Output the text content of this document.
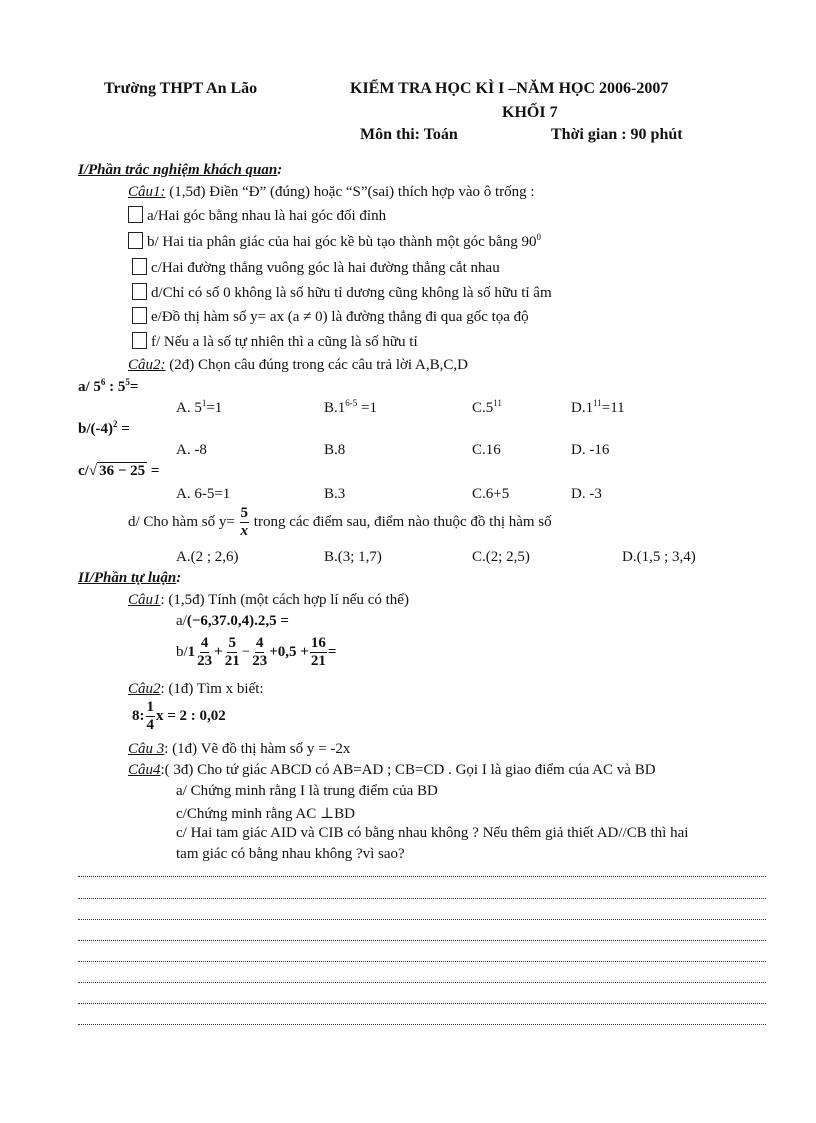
Trường THPT An Lão	KIỂM TRA HỌC KÌ I –NĂM HỌC 2006-2007
KHỐI 7
Môn thi: Toán	Thời gian : 90 phút
I/Phần trắc nghiệm khách quan:
Câu1: (1,5đ) Điền “Đ” (đúng) hoặc “S”(sai) thích hợp vào ô trống :
a/Hai góc bằng nhau là hai góc đối đỉnh
b/ Hai tia phân giác của hai góc kề bù tạo thành một góc bằng $90^0$
c/Hai đường thẳng vuông góc là hai đường thẳng cắt nhau
d/Chỉ có số 0 không là số hữu tỉ dương cũng không là số hữu tỉ âm
e/Đồ thị hàm số y= ax (a ≠ 0) là đường thẳng đi qua gốc tọa độ
f/ Nếu a là số tự nhiên thì a cũng là số hữu tỉ
Câu2: (2đ) Chọn câu đúng trong các câu trả lời A,B,C,D
a/ $5^6$ : $5^5=$
A. $5^1=1$	$B.1^{6-5} =1$	$C.5^{11}$	$D.1^{11}=11$
$b/(-4)^2$ =
A. -8	B.8	C.16	D. -16
c/√ 36 − 25 =
A. 6-5=1	B.3	C.6+5	D. -3
d/ Cho hàm số $y= \frac{5}{x}$ trong các điểm sau, điểm nào thuộc đồ thị hàm số
A.(2 ; 2,6)	B.(3; 1,7)	C.(2; 2,5)	D.(1,5 ; 3,4)
II/Phần tự luận:
Câu1: (1,5đ) Tính (một cách hợp lí nếu có thể)
a/(−6,37.0,4).2,5 =
$b/1 \frac{4}{23} + \frac{5}{21} - \frac{4}{23} +0,5 + \frac{16}{21}$ =
Câu2: (1đ) Tìm x biết:
8: $\frac{1}{4}$ x = 2 : 0,02
Câu 3: (1đ) Vẽ đồ thị hàm số y = -2x
Câu4:( 3đ) Cho tứ giác ABCD có AB=AD ; CB=CD . Gọi I là giao điểm cúa AC và BD
a/ Chứng minh rằng I là trung điểm của BD
c/Chứng minh rằng AC ⊥BD
c/ Hai tam giác AID và CIB có bằng nhau không ? Nếu thêm giả thiết AD//CB thì hai
tam giác có bằng nhau không ?vì sao?
